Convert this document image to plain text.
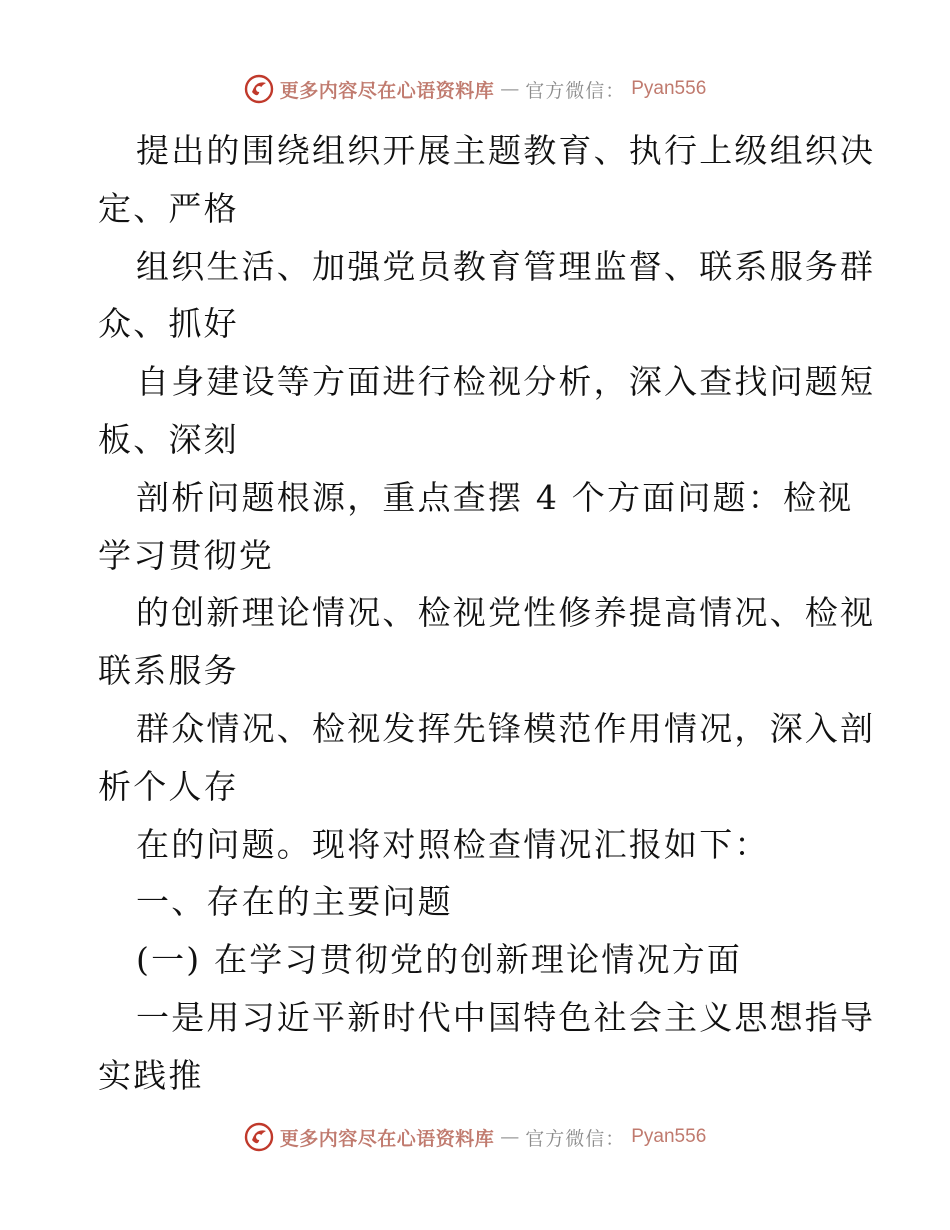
更多内容尽在心语资料库 — 官方微信： Pyan556
提出的围绕组织开展主题教育、执行上级组织决
定、严格
组织生活、加强党员教育管理监督、联系服务群
众、抓好
自身建设等方面进行检视分析，深入查找问题短
板、深刻
剖析问题根源，重点查摆 4 个方面问题：检视
学习贯彻党
的创新理论情况、检视党性修养提高情况、检视
联系服务
群众情况、检视发挥先锋模范作用情况，深入剖
析个人存
在的问题。现将对照检查情况汇报如下：
一、存在的主要问题
(一) 在学习贯彻党的创新理论情况方面
一是用习近平新时代中国特色社会主义思想指导
实践推
更多内容尽在心语资料库 — 官方微信： Pyan556
